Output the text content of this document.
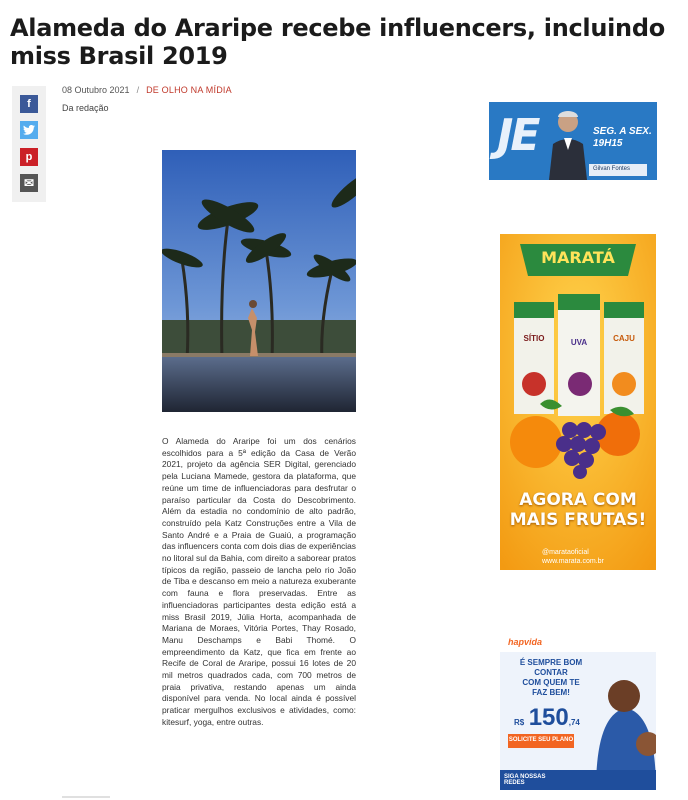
Alameda do Araripe recebe influencers, incluindo miss Brasil 2019
08 Outubro 2021 / DE OLHO NA MÍDIA
Da redação
f
p
✉

O Alameda do Araripe foi um dos cenários escolhidos para a 5ª edição da Casa de Verão 2021, projeto da agência SER Digital, gerenciado pela Luciana Mamede, gestora da plataforma, que reúne um time de influenciadoras para desfrutar o paraíso particular da Costa do Descobrimento. Além da estadia no condomínio de alto padrão, construído pela Katz Construções entre a Vila de Santo André e a Praia de Guaiú, a programação das influencers conta com dois dias de experiências no litoral sul da Bahia, com direito a saborear pratos típicos da região, passeio de lancha pelo rio João de Tiba e descanso em meio a natureza exuberante com fauna e flora preservadas. Entre as influenciadoras participantes desta edição está a miss Brasil 2019, Júlia Horta, acompanhada de Mariana de Moraes, Vitória Portes, Thay Rosado, Manu Deschamps e Babi Thomé. O empreendimento da Katz, que fica em frente ao Recife de Coral de Araripe, possui 16 lotes de 20 mil metros quadrados cada, com 700 metros de praia privativa, restando apenas um ainda disponível para venda. No local ainda é possível praticar mergulhos exclusivos e atividades, como: kitesurf, yoga, entre outras.

JE	SEG. A SEX.
19H15
Gilvan Fontes
MARATÁ
SÍTIO	UVA	CAJU
AGORA COM
MAIS FRUTAS!
@marataoficial
www.marata.com.br
hapvida
É SEMPRE BOM CONTAR
COM QUEM TE
FAZ BEM!
R$ 150,74
SOLICITE SEU PLANO
SIGA NOSSAS REDES
